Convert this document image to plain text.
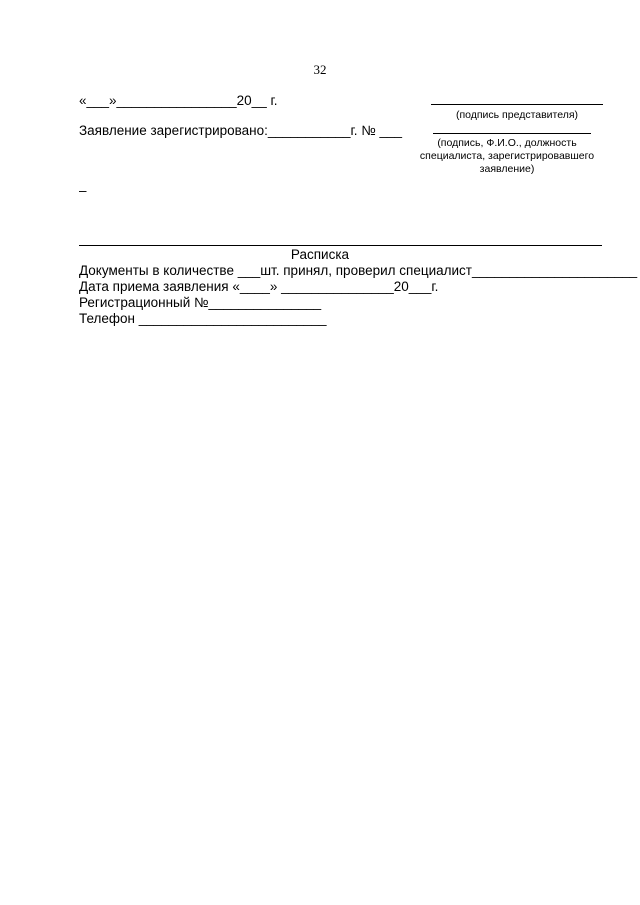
32
«___»________________20__ г.
(подпись представителя)
Заявление зарегистрировано:___________г. № ___
(подпись, Ф.И.О., должность специалиста, зарегистрировавшего заявление)
–
Расписка
Документы в количестве ___шт. принял, проверил специалист______________________
Дата приема заявления «____» _______________20___г.
Регистрационный №_______________
Телефон _________________________
